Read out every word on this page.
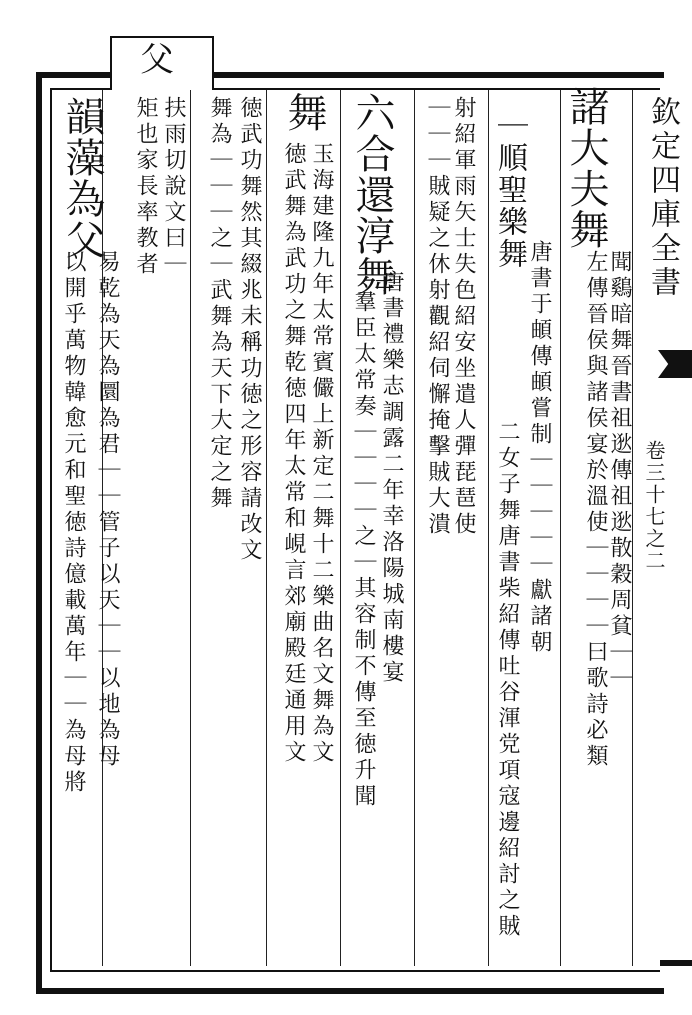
父
諸大夫舞
左傳晉侯與諸侯宴於溫使｜｜｜｜曰歌詩必類 聞鷄暗舞晉書祖逖傳祖逖散穀周貧｜｜
｜順聖樂舞
唐書于頔傳頔嘗制｜｜｜｜｜獻諸朝
二女子舞唐書柴紹傳吐谷渾党項寇邊紹討之賊
射紹軍雨矢士失色紹安坐遣人彈琵琶使
｜｜｜賊疑之休射觀紹伺懈掩擊賊大潰
六合還淳舞
唐書禮樂志調露二年幸洛陽城南樓宴
羣臣太常奏｜｜｜｜之｜其容制不傳至徳升聞
舞
玉海建隆九年太常賓儼上新定二舞十二樂曲名文舞為文
徳武舞為武功之舞乾徳四年太常和峴言郊廟殿廷通用文
徳武功舞然其綴兆未稱功徳之形容請改文
舞為｜｜｜之｜武舞為天下大定之舞
扶雨切說文曰｜
矩也家長率教者
韻藻為父
易乾為天為圜為君｜｜管子以天｜｜以地為母
以開乎萬物韓愈元和聖徳詩億載萬年｜｜為母將
欽定四庫全書
卷三十七之二
